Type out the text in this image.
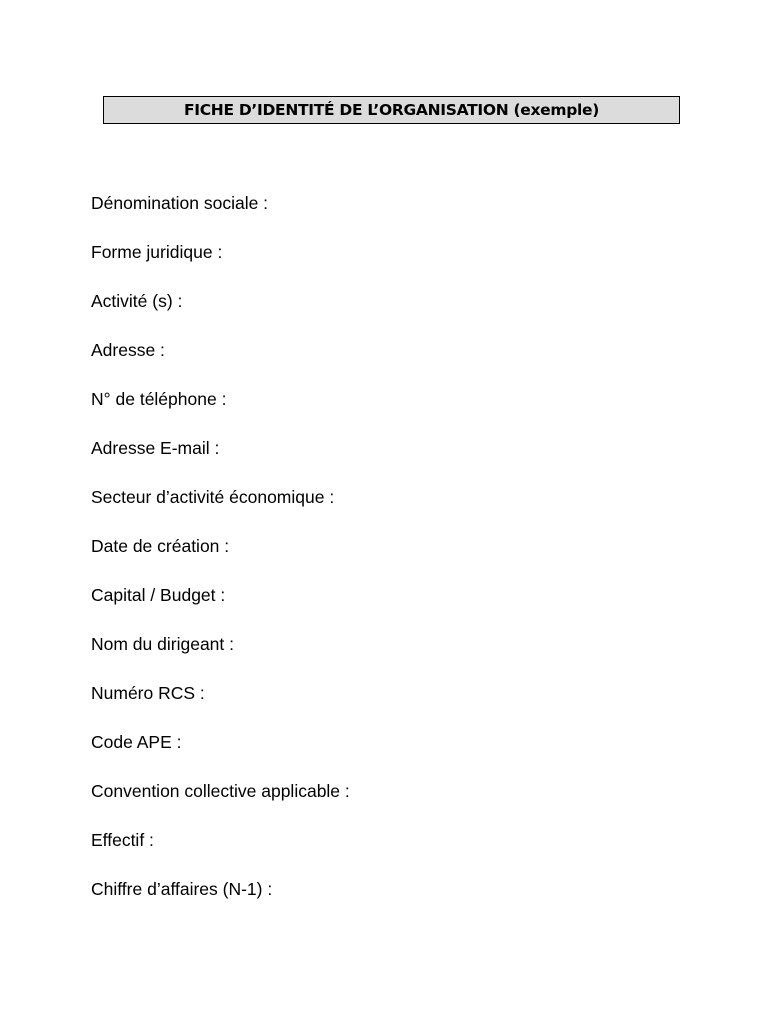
FICHE D’IDENTITÉ DE L’ORGANISATION (exemple)
Dénomination sociale :
Forme juridique :
Activité (s) :
Adresse :
N° de téléphone :
Adresse E-mail :
Secteur d’activité économique :
Date de création :
Capital / Budget :
Nom du dirigeant :
Numéro RCS :
Code APE :
Convention collective applicable :
Effectif :
Chiffre d’affaires (N-1) :
